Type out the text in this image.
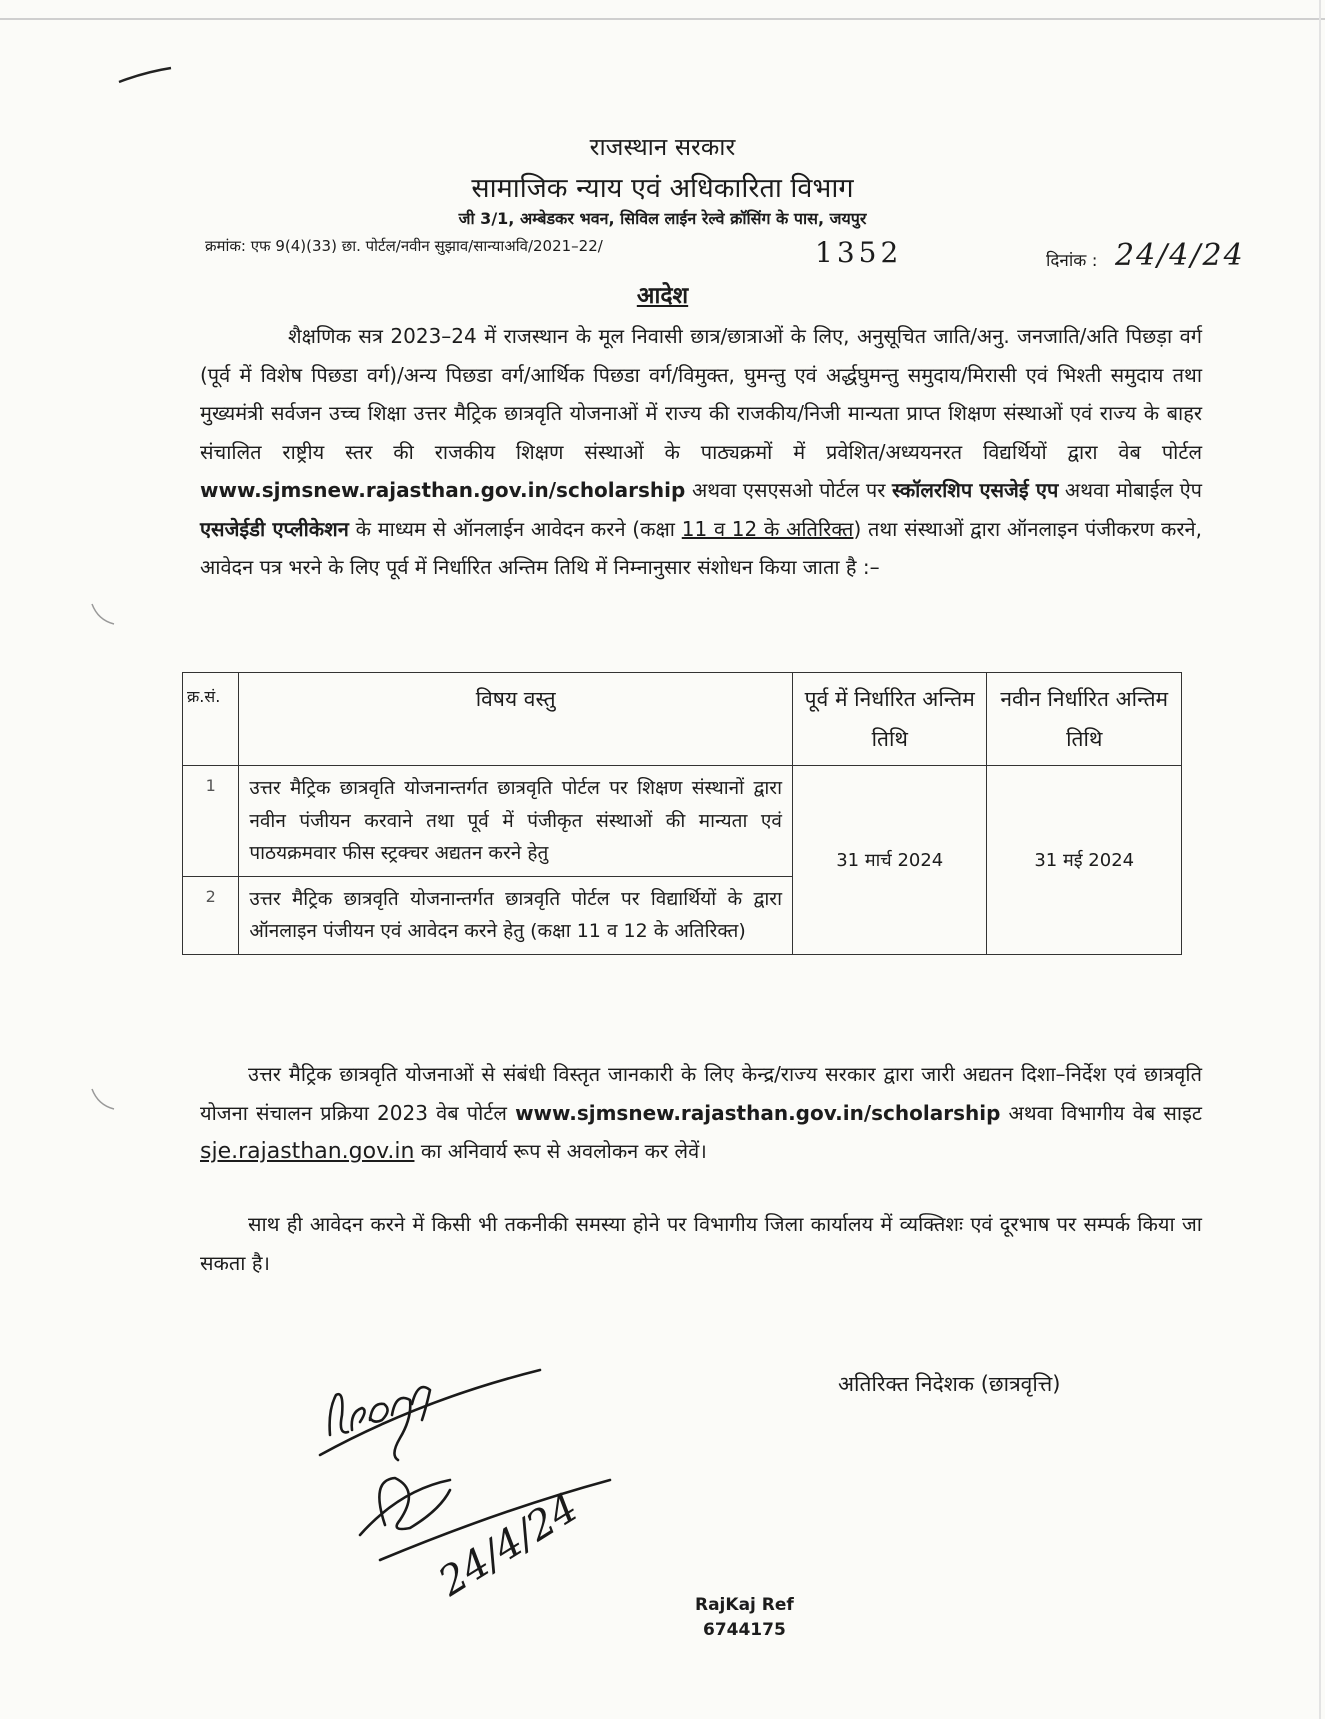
राजस्थान सरकार
सामाजिक न्याय एवं अधिकारिता विभाग
जी 3/1, अम्बेडकर भवन, सिविल लाईन रेल्वे क्रॉसिंग के पास, जयपुर
क्रमांक: एफ 9(4)(33) छा. पोर्टल/नवीन सुझाव/सान्याअवि/2021–22/	1352	दिनांक : 24/4/24
आदेश
शैक्षणिक सत्र 2023–24 में राजस्थान के मूल निवासी छात्र/छात्राओं के लिए, अनुसूचित जाति/अनु. जनजाति/अति पिछड़ा वर्ग (पूर्व में विशेष पिछडा वर्ग)/अन्य पिछडा वर्ग/आर्थिक पिछडा वर्ग/विमुक्त, घुमन्तु एवं अर्द्धघुमन्तु समुदाय/मिरासी एवं भिश्ती समुदाय तथा मुख्यमंत्री सर्वजन उच्च शिक्षा उत्तर मैट्रिक छात्रवृति योजनाओं में राज्य की राजकीय/निजी मान्यता प्राप्त शिक्षण संस्थाओं एवं राज्य के बाहर संचालित राष्ट्रीय स्तर की राजकीय शिक्षण संस्थाओं के पाठ्यक्रमों में प्रवेशित/अध्ययनरत विद्यर्थियों द्वारा वेब पोर्टल www.sjmsnew.rajasthan.gov.in/scholarship अथवा एसएसओ पोर्टल पर स्कॉलरशिप एसजेई एप अथवा मोबाईल ऐप एसजेईडी एप्लीकेशन के माध्यम से ऑनलाईन आवेदन करने (कक्षा 11 व 12 के अतिरिक्त) तथा संस्थाओं द्वारा ऑनलाइन पंजीकरण करने, आवेदन पत्र भरने के लिए पूर्व में निर्धारित अन्तिम तिथि में निम्नानुसार संशोधन किया जाता है :–
क्र.सं.	विषय वस्तु	पूर्व में निर्धारित अन्तिम तिथि	नवीन निर्धारित अन्तिम तिथि
1	उत्तर मैट्रिक छात्रवृति योजनान्तर्गत छात्रवृति पोर्टल पर शिक्षण संस्थानों द्वारा नवीन पंजीयन करवाने तथा पूर्व में पंजीकृत संस्थाओं की मान्यता एवं पाठयक्रमवार फीस स्ट्रक्चर अद्यतन करने हेतु	31 मार्च 2024	31 मई 2024
2	उत्तर मैट्रिक छात्रवृति योजनान्तर्गत छात्रवृति पोर्टल पर विद्यार्थियों के द्वारा ऑनलाइन पंजीयन एवं आवेदन करने हेतु (कक्षा 11 व 12 के अतिरिक्त)		
उत्तर मैट्रिक छात्रवृति योजनाओं से संबंधी विस्तृत जानकारी के लिए केन्द्र/राज्य सरकार द्वारा जारी अद्यतन दिशा–निर्देश एवं छात्रवृति योजना संचालन प्रक्रिया 2023 वेब पोर्टल www.sjmsnew.rajasthan.gov.in/scholarship अथवा विभागीय वेब साइट sje.rajasthan.gov.in का अनिवार्य रूप से अवलोकन कर लेवें।
साथ ही आवेदन करने में किसी भी तकनीकी समस्या होने पर विभागीय जिला कार्यालय में व्यक्तिशः एवं दूरभाष पर सम्पर्क किया जा सकता है।
अतिरिक्त निदेशक (छात्रवृत्ति)
24/4/24	RajKaj Ref
6744175
